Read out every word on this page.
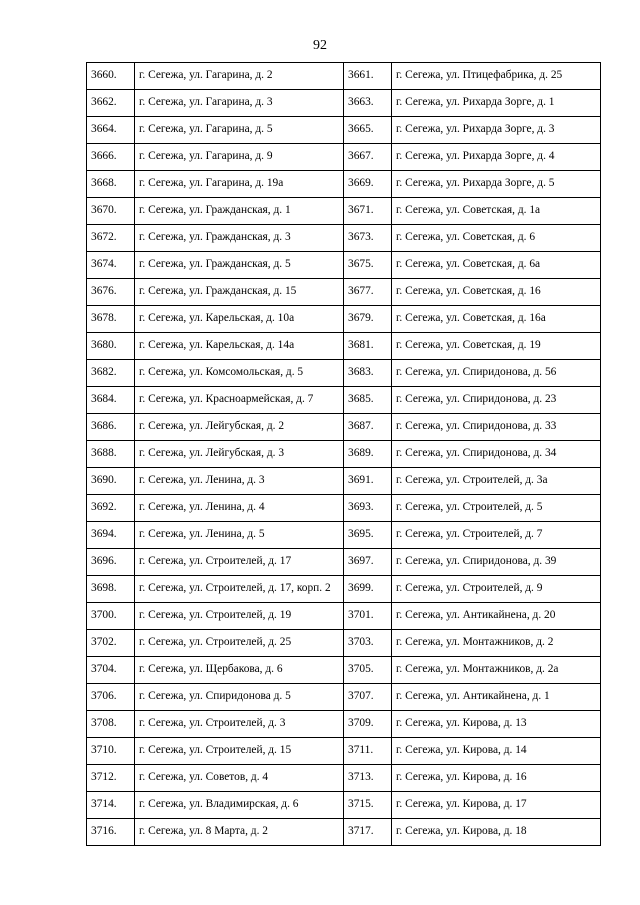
92
3660.	г. Сегежа, ул. Гагарина, д. 2	3661.	г. Сегежа, ул. Птицефабрика, д. 25
3662.	г. Сегежа, ул. Гагарина, д. 3	3663.	г. Сегежа, ул. Рихарда Зорге, д. 1
3664.	г. Сегежа, ул. Гагарина, д. 5	3665.	г. Сегежа, ул. Рихарда Зорге, д. 3
3666.	г. Сегежа, ул. Гагарина, д. 9	3667.	г. Сегежа, ул. Рихарда Зорге, д. 4
3668.	г. Сегежа, ул. Гагарина, д. 19а	3669.	г. Сегежа, ул. Рихарда Зорге, д. 5
3670.	г. Сегежа, ул. Гражданская, д. 1	3671.	г. Сегежа, ул. Советская, д. 1а
3672.	г. Сегежа, ул. Гражданская, д. 3	3673.	г. Сегежа, ул. Советская, д. 6
3674.	г. Сегежа, ул. Гражданская, д. 5	3675.	г. Сегежа, ул. Советская, д. 6а
3676.	г. Сегежа, ул. Гражданская, д. 15	3677.	г. Сегежа, ул. Советская, д. 16
3678.	г. Сегежа, ул. Карельская, д. 10а	3679.	г. Сегежа, ул. Советская, д. 16а
3680.	г. Сегежа, ул. Карельская, д. 14а	3681.	г. Сегежа, ул. Советская, д. 19
3682.	г. Сегежа, ул. Комсомольская, д. 5	3683.	г. Сегежа, ул. Спиридонова, д. 56
3684.	г. Сегежа, ул. Красноармейская, д. 7	3685.	г. Сегежа, ул. Спиридонова, д. 23
3686.	г. Сегежа, ул. Лейгубская, д. 2	3687.	г. Сегежа, ул. Спиридонова, д. 33
3688.	г. Сегежа, ул. Лейгубская, д. 3	3689.	г. Сегежа, ул. Спиридонова, д. 34
3690.	г. Сегежа, ул. Ленина, д. 3	3691.	г. Сегежа, ул. Строителей, д. 3а
3692.	г. Сегежа, ул. Ленина, д. 4	3693.	г. Сегежа, ул. Строителей, д. 5
3694.	г. Сегежа, ул. Ленина, д. 5	3695.	г. Сегежа, ул. Строителей, д. 7
3696.	г. Сегежа, ул. Строителей, д. 17	3697.	г. Сегежа, ул. Спиридонова, д. 39
3698.	г. Сегежа, ул. Строителей, д. 17, корп. 2	3699.	г. Сегежа, ул. Строителей, д. 9
3700.	г. Сегежа, ул. Строителей, д. 19	3701.	г. Сегежа, ул. Антикайнена, д. 20
3702.	г. Сегежа, ул. Строителей, д. 25	3703.	г. Сегежа, ул. Монтажников, д. 2
3704.	г. Сегежа, ул. Щербакова, д. 6	3705.	г. Сегежа, ул. Монтажников, д. 2а
3706.	г. Сегежа, ул. Спиридонова д. 5	3707.	г. Сегежа, ул. Антикайнена, д. 1
3708.	г. Сегежа, ул. Строителей, д. 3	3709.	г. Сегежа, ул. Кирова, д. 13
3710.	г. Сегежа, ул. Строителей, д. 15	3711.	г. Сегежа, ул. Кирова, д. 14
3712.	г. Сегежа, ул. Советов, д. 4	3713.	г. Сегежа, ул. Кирова, д. 16
3714.	г. Сегежа, ул. Владимирская, д. 6	3715.	г. Сегежа, ул. Кирова, д. 17
3716.	г. Сегежа, ул. 8 Марта, д. 2	3717.	г. Сегежа, ул. Кирова, д. 18
